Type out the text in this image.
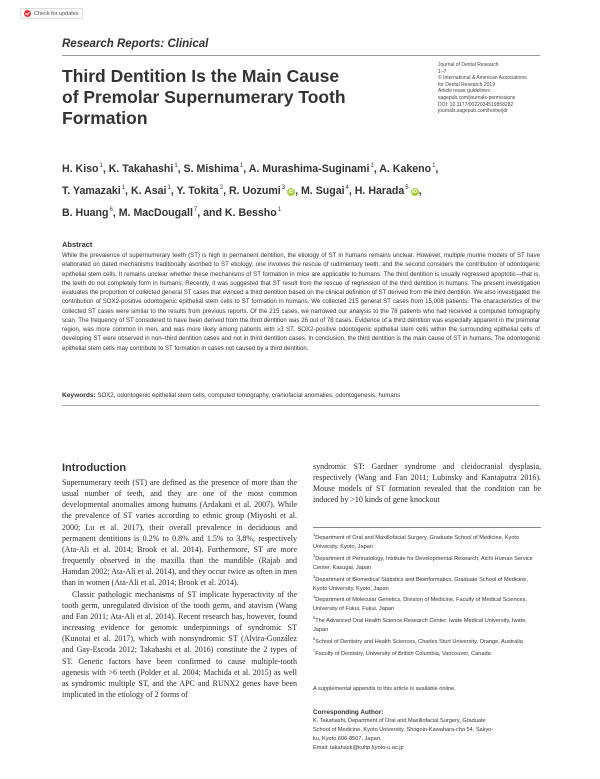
Check for updates
Research Reports: Clinical
Journal of Dental Research
1–7
© International & American Associations
for Dental Research 2019
Article reuse guidelines:
sagepub.com/journals-permissions
DOI: 10.1177/0022034519858282
journals.sagepub.com/home/jdr
Third Dentition Is the Main Cause
of Premolar Supernumerary Tooth
Formation
H. Kiso$^1$, K. Takahashi$^1$, S. Mishima$^1$, A. Murashima-Suginami$^1$, A. Kakeno$^1$,
T. Yamazaki$^1$, K. Asai$^1$, Y. Tokita$^2$, R. Uozumi$^3$iD , M. Sugai$^4$, H. Harada$^5$iD ,
B. Huang$^6$, M. MacDougall$^7$, and K. Bessho$^1$
Abstract
While the prevalence of supernumerary teeth (ST) is high in permanent dentition, the etiology of ST in humans remains unclear. However, multiple murine models of ST have elaborated on dated mechanisms traditionally ascribed to ST etiology: one involves the rescue of rudimentary teeth, and the second considers the contribution of odontogenic epithelial stem cells. It remains unclear whether these mechanisms of ST formation in mice are applicable to humans. The third dentition is usually regressed apoptotic—that is, the teeth do not completely form in humans. Recently, it was suggested that ST result from the rescue of regression of the third dentition in humans. The present investigation evaluates the proportion of collected general ST cases that evinced a third dentition based on the clinical definition of ST derived from the third dentition. We also investigated the contribution of SOX2-positive odontogenic epithelial stem cells to ST formation in humans. We collected 215 general ST cases from 15,008 patients. The characteristics of the collected ST cases were similar to the results from previous reports. Of the 215 cases, we narrowed our analysis to the 78 patients who had received a computed tomography scan. The frequency of ST considered to have been derived from the third dentition was 26 out of 78 cases. Evidence of a third dentition was especially apparent in the premolar region, was more common in men, and was more likely among patients with ≥3 ST. SOX2-positive odontogenic epithelial stem cells within the surrounding epithelial cells of developing ST were observed in non–third dentition cases and not in third dentition cases. In conclusion, the third dentition is the main cause of ST in humans. The odontogenic epithelial stem cells may contribute to ST formation in cases not caused by a third dentition.
Keywords: SOX2, odontogenic epithelial stem cells, computed tomography, craniofacial anomalies, odontogenesis, humans
Introduction

Supernumerary teeth (ST) are defined as the presence of more than the usual number of teeth, and they are one of the most common developmental anomalies among humans (Ardakani et al. 2007). While the prevalence of ST varies according to ethnic group (Miyoshi et al. 2000; Lu et al. 2017), their overall prevalence in deciduous and permanent dentitions is 0.2% to 0.8% and 1.5% to 3.8%, respectively (Ata-Ali et al. 2014; Brook et al. 2014). Furthermore, ST are more frequently observed in the maxilla than the mandible (Rajab and Hamdan 2002; Ata-Ali et al. 2014), and they occur twice as often in men than in women (Ata-Ali et al. 2014; Brook et al. 2014).

Classic pathologic mechanisms of ST implicate hyperactivity of the tooth germ, unregulated division of the tooth germ, and atavism (Wang and Fan 2011; Ata-Ali et al. 2014). Recent research has, however, found increasing evidence for genomic underpinnings of syndromic ST (Kunotai et al. 2017), which with nonsyndromic ST (Alvira-González and Gay-Escoda 2012; Takahashi et al. 2016) constitute the 2 types of ST. Genetic factors have been confirmed to cause multiple-tooth agenesis with >6 teeth (Polder et al. 2004; Machida et al. 2015) as well as syndromic multiple ST, and the APC and RUNX2 genes have been implicated in the etiology of 2 forms of

syndromic ST: Gardner syndrome and cleidocranial dysplasia, respectively (Wang and Fan 2011; Lubinsky and Kantaputra 2016). Mouse models of ST formation revealed that the condition can be induced by >10 kinds of gene knockout
$^1$Department of Oral and Maxillofacial Surgery, Graduate School of Medicine, Kyoto University, Kyoto, Japan
$^2$Department of Perinatology, Institute for Developmental Research, Aichi Human Service Center, Kasugai, Japan
$^3$Department of Biomedical Statistics and Bioinformatics, Graduate School of Medicine, Kyoto University, Kyoto, Japan
$^4$Department of Molecular Genetics, Division of Medicine, Faculty of Medical Sciences, University of Fukui, Fukui, Japan
$^5$The Advanced Oral Health Science Research Center, Iwate Medical University, Iwate, Japan
$^6$School of Dentistry and Health Sciences, Charles Sturt University, Orange, Australia
$^7$Faculty of Dentistry, University of British Columbia, Vancouver, Canada
A supplemental appendix to this article is available online.
Corresponding Author:
K. Takahashi, Department of Oral and Maxillofacial Surgery, Graduate
School of Medicine, Kyoto University, Shogoin-Kawahara-cho 54, Sakyo-
ku, Kyoto 606-8507, Japan.
Email: takahask@kuhp.kyoto-u.ac.jp
